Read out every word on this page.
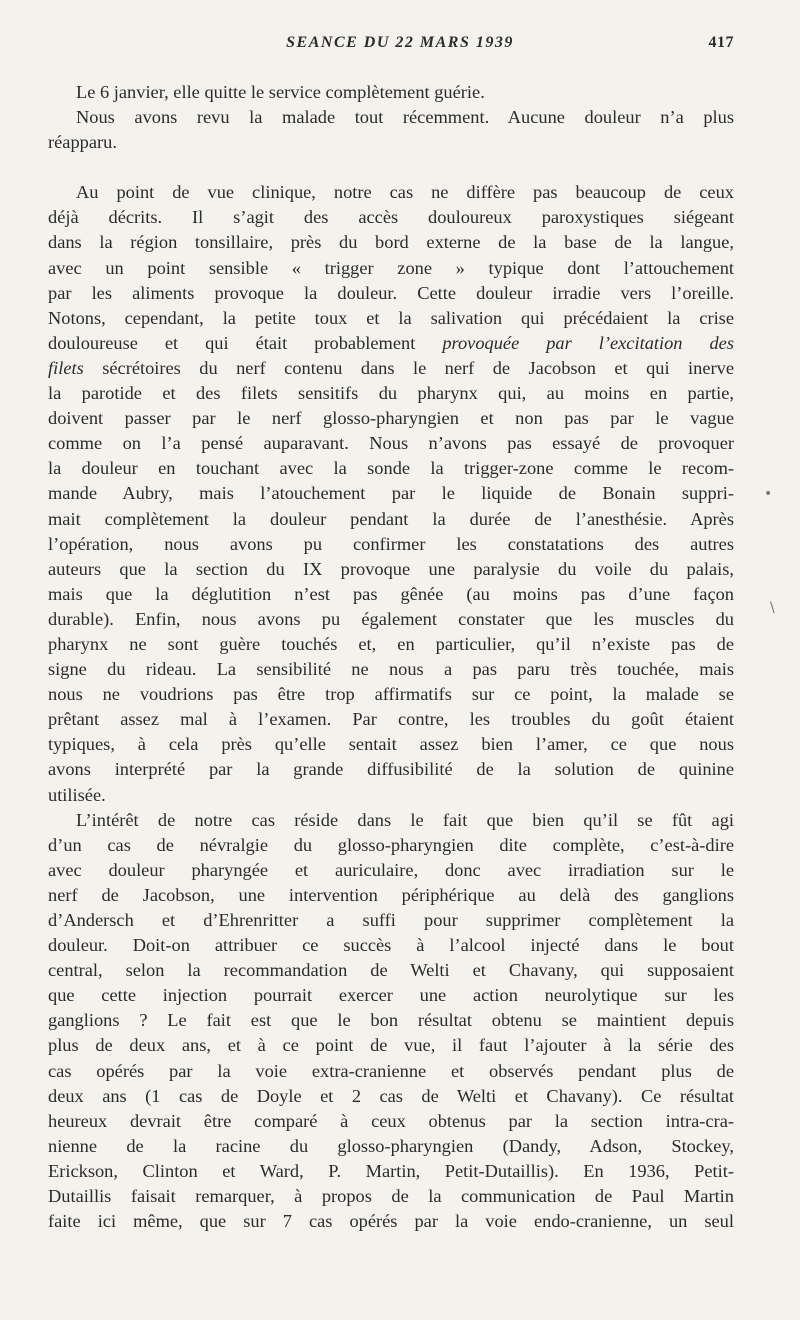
SEANCE DU 22 MARS 1939	417
•
\
Le 6 janvier, elle quitte le service complètement guérie.
Nous avons revu la malade tout récemment. Aucune douleur n’a plus
réapparu.
Au point de vue clinique, notre cas ne diffère pas beaucoup de ceux
déjà décrits. Il s’agit des accès douloureux paroxystiques siégeant
dans la région tonsillaire, près du bord externe de la base de la langue,
avec un point sensible « trigger zone » typique dont l’attouchement
par les aliments provoque la douleur. Cette douleur irradie vers l’oreille.
Notons, cependant, la petite toux et la salivation qui précédaient la crise
douloureuse et qui était probablement provoquée par l’excitation des
filets sécrétoires du nerf contenu dans le nerf de Jacobson et qui inerve
la parotide et des filets sensitifs du pharynx qui, au moins en partie,
doivent passer par le nerf glosso-pharyngien et non pas par le vague
comme on l’a pensé auparavant. Nous n’avons pas essayé de provoquer
la douleur en touchant avec la sonde la trigger-zone comme le recom-
mande Aubry, mais l’atouchement par le liquide de Bonain suppri-
mait complètement la douleur pendant la durée de l’anesthésie. Après
l’opération, nous avons pu confirmer les constatations des autres
auteurs que la section du IX provoque une paralysie du voile du palais,
mais que la déglutition n’est pas gênée (au moins pas d’une façon
durable). Enfin, nous avons pu également constater que les muscles du
pharynx ne sont guère touchés et, en particulier, qu’il n’existe pas de
signe du rideau. La sensibilité ne nous a pas paru très touchée, mais
nous ne voudrions pas être trop affirmatifs sur ce point, la malade se
prêtant assez mal à l’examen. Par contre, les troubles du goût étaient
typiques, à cela près qu’elle sentait assez bien l’amer, ce que nous
avons interprété par la grande diffusibilité de la solution de quinine
utilisée.
L’intérêt de notre cas réside dans le fait que bien qu’il se fût agi
d’un cas de névralgie du glosso-pharyngien dite complète, c’est-à-dire
avec douleur pharyngée et auriculaire, donc avec irradiation sur le
nerf de Jacobson, une intervention périphérique au delà des ganglions
d’Andersch et d’Ehrenritter a suffi pour supprimer complètement la
douleur. Doit-on attribuer ce succès à l’alcool injecté dans le bout
central, selon la recommandation de Welti et Chavany, qui supposaient
que cette injection pourrait exercer une action neurolytique sur les
ganglions ? Le fait est que le bon résultat obtenu se maintient depuis
plus de deux ans, et à ce point de vue, il faut l’ajouter à la série des
cas opérés par la voie extra-cranienne et observés pendant plus de
deux ans (1 cas de Doyle et 2 cas de Welti et Chavany). Ce résultat
heureux devrait être comparé à ceux obtenus par la section intra-cra-
nienne de la racine du glosso-pharyngien (Dandy, Adson, Stockey,
Erickson, Clinton et Ward, P. Martin, Petit-Dutaillis). En 1936, Petit-
Dutaillis faisait remarquer, à propos de la communication de Paul Martin
faite ici même, que sur 7 cas opérés par la voie endo-cranienne, un seul
